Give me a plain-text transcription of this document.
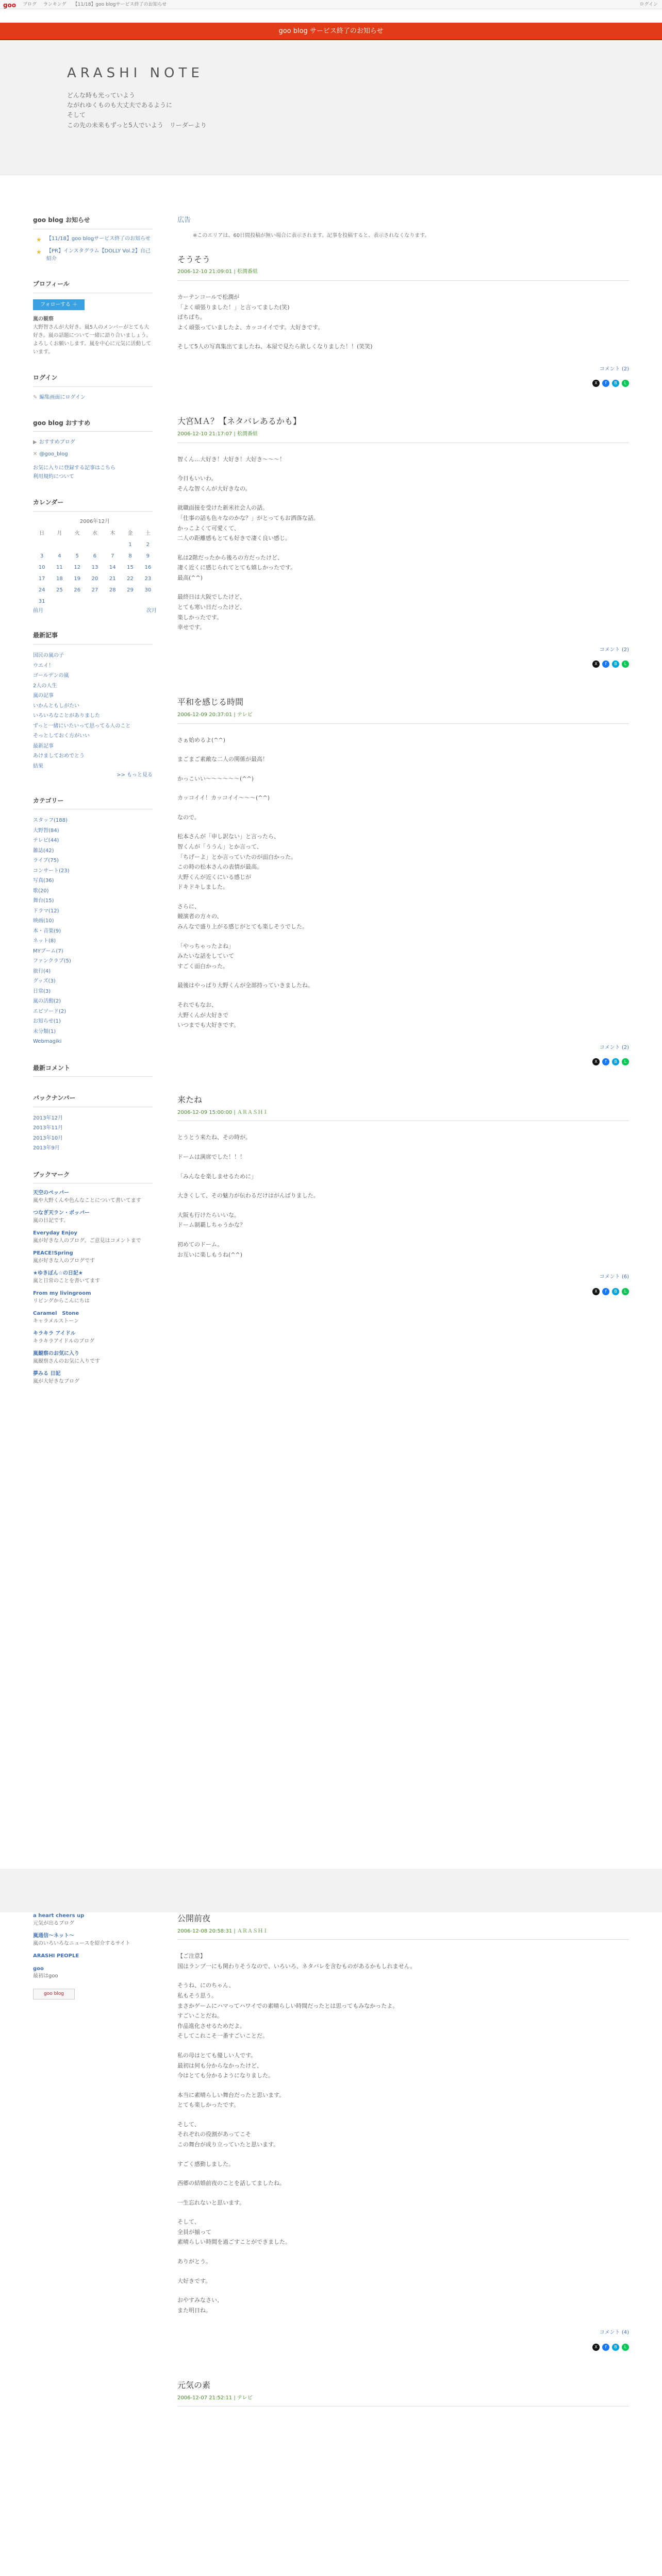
goo ブログ ランキング 【11/18】goo blogサービス終了のお知らせ	ログイン
goo blog サービス終了のお知らせ
ARASHI NOTE
どんな時も光っていよう
ながれゆくものも大丈夫であるように
そして
この先の未来もずっと5人でいよう　リーダーより
goo blog お知らせ
★ 【11/18】goo blogサービス終了のお知らせ
★ 【PR】インスタグラム【DOLLY Vol.2】自己紹介
プロフィール
フォローする ＋
嵐の観察
大野智さんが大好き。嵐5人のメンバーがとても大好き。嵐の話題について一緒に語り合いましょう。よろしくお願いします。嵐を中心に元気に活動しています。
ログイン
✎ 編集画面にログイン
goo blog おすすめ
▶ おすすめブログ
✕ @goo_blog
お気に入りに登録する記事はこちら
利用規約について
カレンダー
2006年12月
日	月	火	水	木	金	土
					1	2
3	4	5	6	7	8	9
10	11	12	13	14	15	16
17	18	19	20	21	22	23
24	25	26	27	28	29	30
31						
前月	次月
最新記事
国民の嵐の子
ウエイ！
ゴールデンの嵐
2人の人生
嵐の記事
いかんともしがたい
いろいろなことがありました
ずっと一緒にいたいって思ってる人のこと
そっとしておく方がいい
最新記事
あけましておめでとう
結果
>> もっと見る
カテゴリー
スタッフ(188)
大野智(84)
テレビ(44)
雑誌(42)
ライブ(75)
コンサート(23)
写真(36)
歌(20)
舞台(15)
ドラマ(12)
映画(10)
本・音楽(9)
ネット(8)
MYブーム(7)
ファンクラブ(5)
旅行(4)
グッズ(3)
日常(3)
嵐の活動(2)
エピソード(2)
お知らせ(1)
未分類(1)
Webmagiki
最新コメント
バックナンバー
2013年12月
2013年11月
2013年10月
2013年9月
ブックマーク
天空のペッパー
嵐や大野くんや色んなことについて書いてます
つなぎ天ラン・ポッパー
嵐の日記です。
Everyday Enjoy
嵐が好きな人のブログ。ご意見はコメントまで
PEACE!Spring
嵐が好きな人のブログです
★ゆきぽん☆の日記★
嵐と日常のことを書いてます
From my livingroom
リビングからこんにちは
Caramel　Stone
キャラメルストーン
キラキラ アイドル
キラキラアイドルのブログ
嵐観察のお気に入り
嵐観察さんのお気に入りです
夢みる 日記
嵐が大好きなブログ
広告
※このエリアは、60日間投稿が無い場合に表示されます。記事を投稿すると、表示されなくなります。
そうそう
2006-12-10 21:09:01 | 松潤番組

カーテンコールで松潤が

「よく頑張りました！」と言ってました(笑)

ぱちぱち。

よく頑張っていましたよ、カッコイイです。大好きです。

そして5人の写真集出てましたね、本屋で見たら欲しくなりました！！(笑笑)

コメント (2)
X f B L
大宮ＭＡ？【ネタバレあるかも】
2006-12-10 21:17:07 | 松潤番組

智くん…大好き！大好き！大好き〜〜〜！

今日もいいわ。

そんな智くんが大好きなの。

就職面接を受けた新米社会人の話。

「仕事の話も色々なのかな？」がとってもお洒落な話。

かっこよくて可愛くて、

二人の距離感もとても好きで凄く良い感じ。

私は2階だったから後ろの方だったけど、

凄く近くに感じられてとても嬉しかったです。

最高(^^)

最終日は大阪でしたけど、

とても寒い日だったけど、

楽しかったです。

幸せです。

コメント (2)
X f B L
平和を感じる時間
2006-12-09 20:37:01 | テレビ

さぁ始めるよ(^^)

まごまご素敵な二人の関係が最高！

かっこいい〜〜〜〜〜〜(^^)

カッコイイ！カッコイイ〜〜〜(^^)

なので。

松本さんが「申し訳ない」と言ったら、

智くんが「ううん」とか言って、

「ちげーよ」とか言っていたのが面白かった。

この時の松本さんの表情が最高。

大野くんが近くにいる感じが

ドキドキしました。

さらに、

競演者の方々の、

みんなで盛り上がる感じがとても楽しそうでした。

「やっちゃったよね」

みたいな話をしていて

すごく面白かった。

最後はやっぱり大野くんが全部持っていきましたね。

それでもなお、

大野くんが大好きで

いつまでも大好きです。

コメント (2)
X f B L
来たね
2006-12-09 15:00:00 | ＡＲＡＳＨＩ

とうとう来たね、その時が。

ドームは満席でした！！！

「みんなを楽しませるために」

大きくして、その魅力が伝わるだけはがんばりました。

大阪も行けたらいいな。

ドーム制覇しちゃうかな？

初めてのドーム。

お互いに楽しもうね(^^)

コメント (6)
X f B L
a heart cheers up
元気が出るブログ
嵐通信〜ネット〜
嵐のいろいろなニュースを紹介するサイト
ARASHI PEOPLE
goo
最初はgoo
goo blog
公開前夜
2006-12-08 20:58:31 | ＡＲＡＳＨＩ

【ご注意】

国はランプ一にも関わりそうなので、いろいろ、ネタバレを含むものがあるかもしれません。

そうね、にのちゃん、

私もそう思う。

まさかゲームにハマってハワイでの素晴らしい時間だったとは思ってもみなかったよ。

すごいことだね。

作品進化させるためだよ。

そしてこれこそ一番すごいことだ。

私の母はとても優しい人です。

最初は何も分からなかったけど、

今はとても分かるようになりました。

本当に素晴らしい舞台だったと思います。

とても楽しかったです。

そして、

それぞれの役割があってこそ

この舞台が成り立っていたと思います。

すごく感動しました。

西郷の結婚前夜のことを話してましたね。

一生忘れないと思います。

そして、

全員が揃って

素晴らしい時間を過ごすことができました。

ありがとう。

大好きです。

おやすみなさい、

また明日ね。

コメント (4)
X f B L
元気の素
2006-12-07 21:52:11 | テレビ
